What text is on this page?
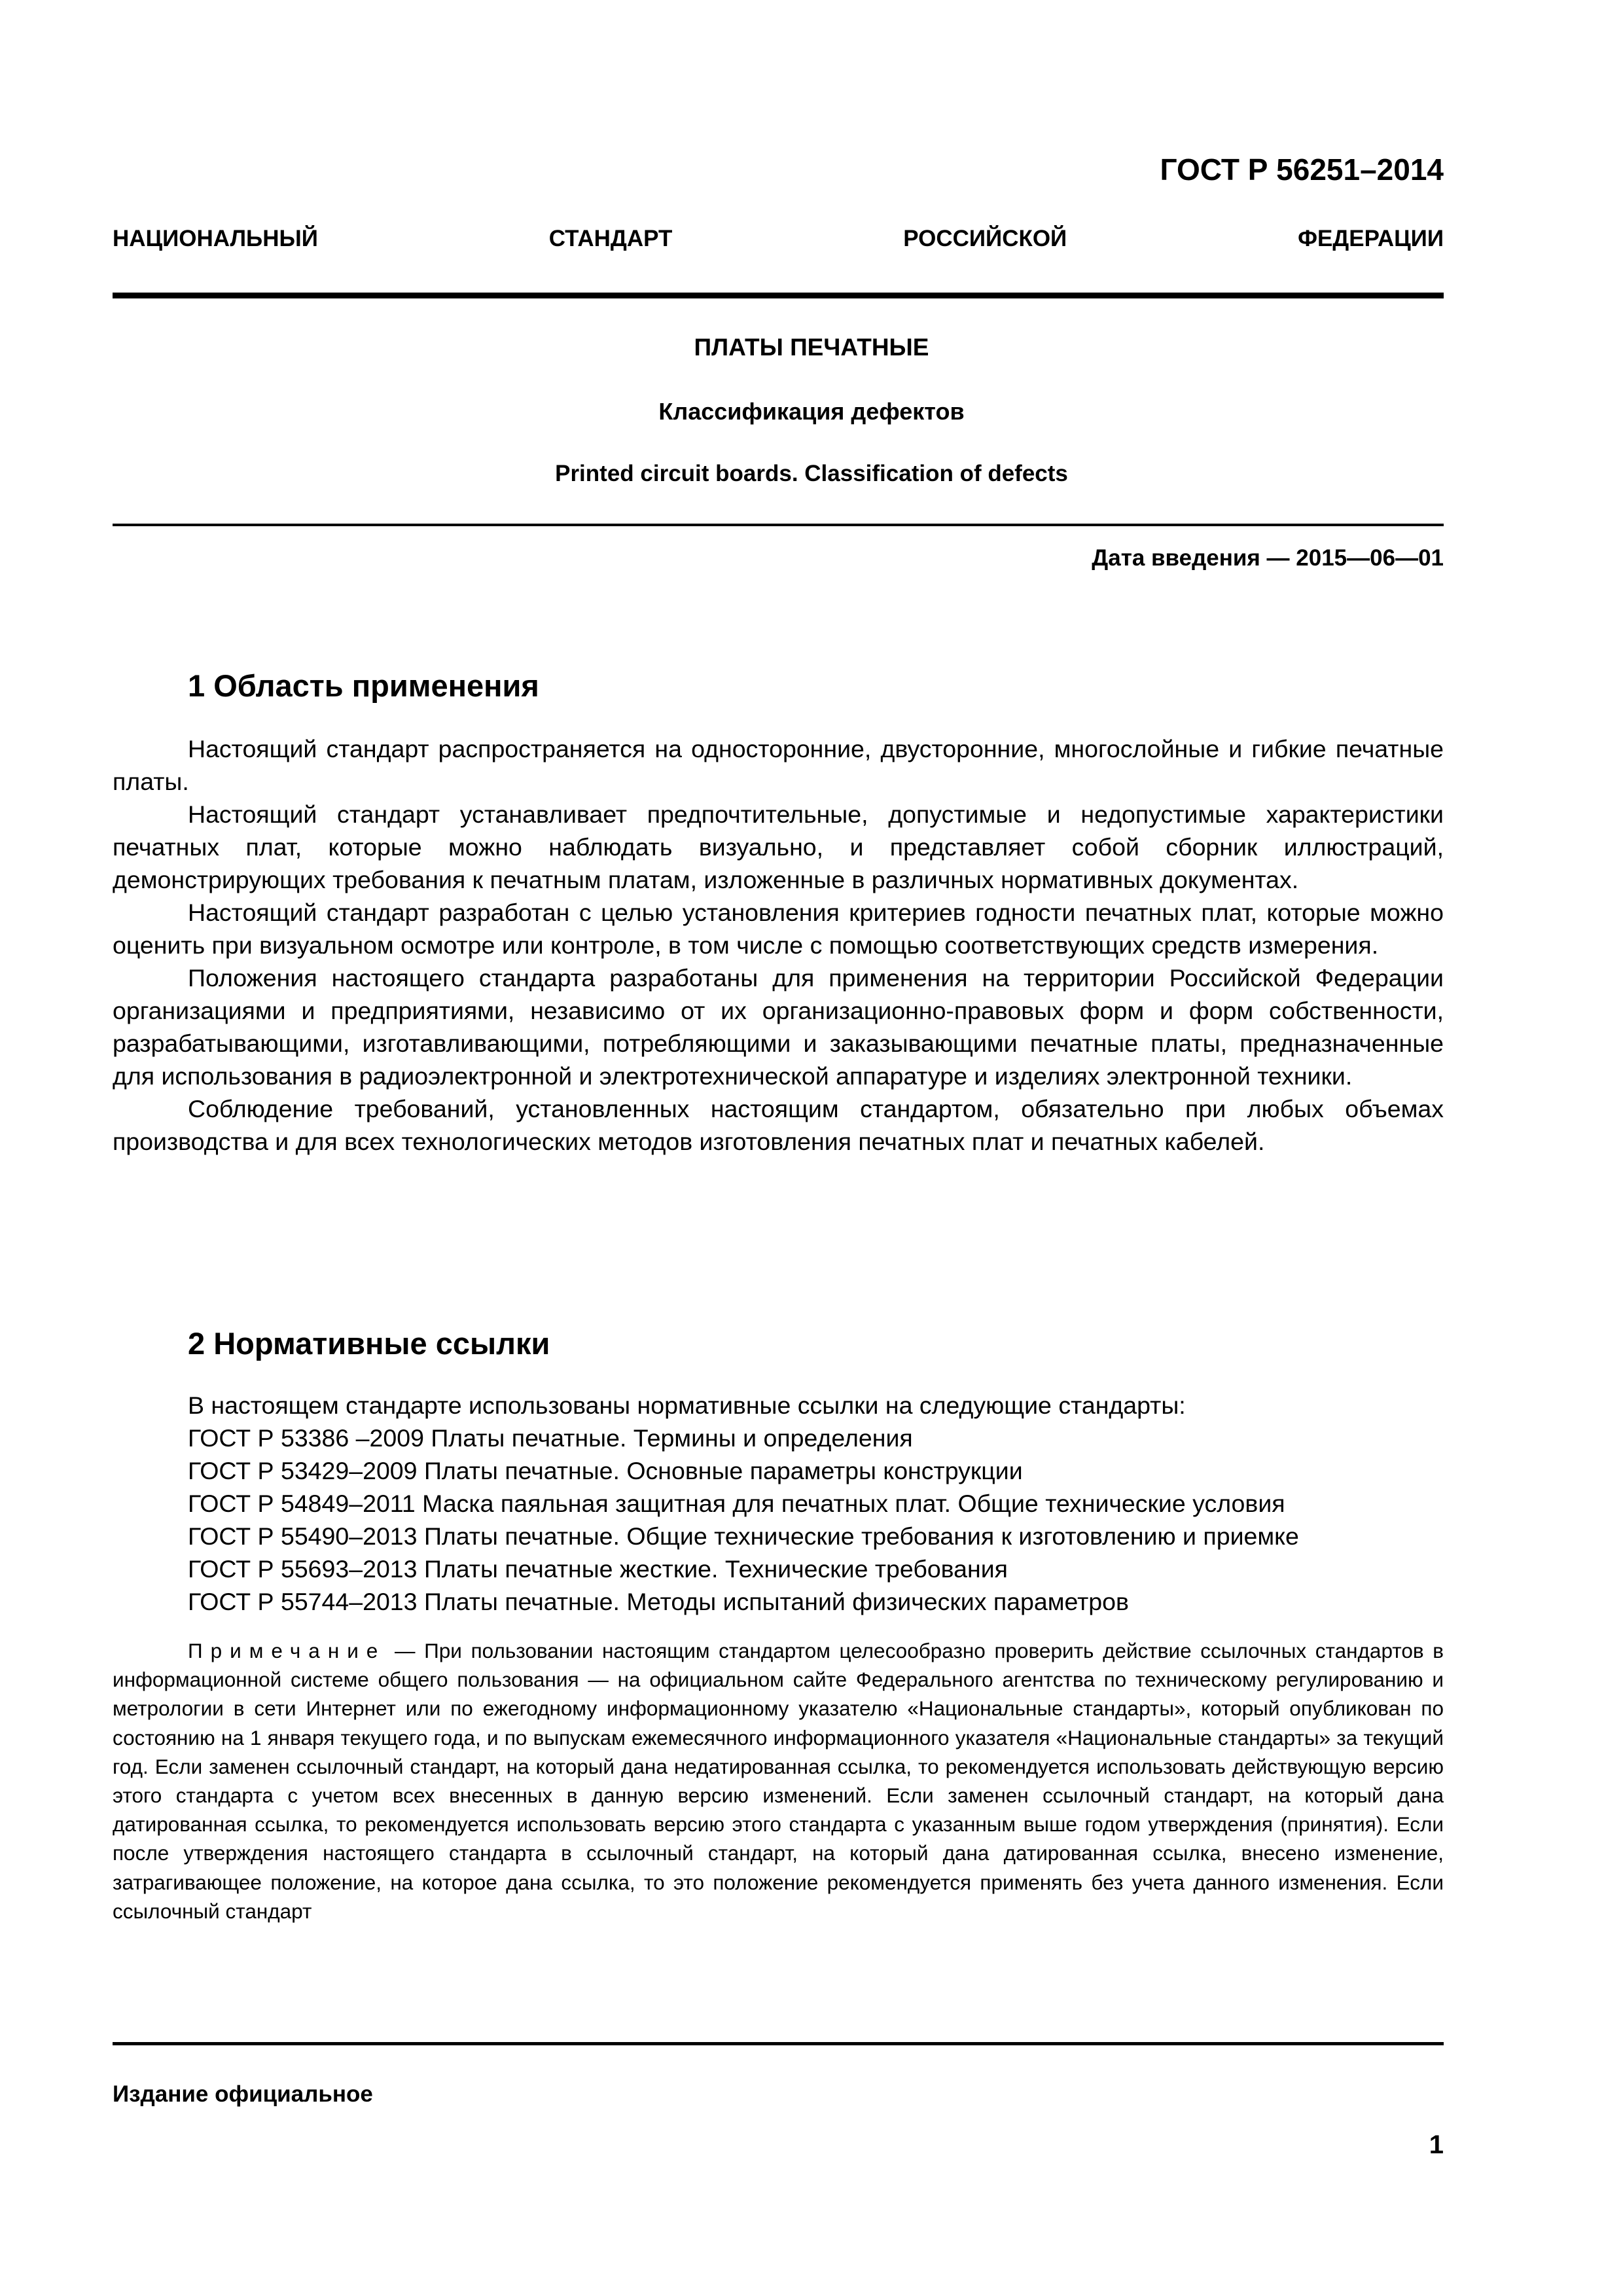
ГОСТ Р 56251–2014
НАЦИОНАЛЬНЫЙ СТАНДАРТ РОССИЙСКОЙ ФЕДЕРАЦИИ
ПЛАТЫ ПЕЧАТНЫЕ
Классификация дефектов
Printed circuit boards. Classification of defects
Дата введения — 2015—06—01
1 Область применения

Настоящий стандарт распространяется на односторонние, двусторонние, многослойные и гибкие печатные платы.

Настоящий стандарт устанавливает предпочтительные, допустимые и недопустимые характеристики печатных плат, которые можно наблюдать визуально, и представляет собой сборник иллюстраций, демонстрирующих требования к печатным платам, изложенные в различных нормативных документах.

Настоящий стандарт разработан с целью установления критериев годности печатных плат, которые можно оценить при визуальном осмотре или контроле, в том числе с помощью соответствующих средств измерения.

Положения настоящего стандарта разработаны для применения на территории Российской Федерации организациями и предприятиями, независимо от их организационно-правовых форм и форм собственности, разрабатывающими, изготавливающими, потребляющими и заказывающими печатные платы, предназначенные для использования в радиоэлектронной и электротехнической аппаратуре и изделиях электронной техники.

Соблюдение требований, установленных настоящим стандартом, обязательно при любых объемах производства и для всех технологических методов изготовления печатных плат и печатных кабелей.

2 Нормативные ссылки
В настоящем стандарте использованы нормативные ссылки на следующие стандарты:
ГОСТ Р 53386 –2009 Платы печатные. Термины и определения
ГОСТ Р 53429–2009 Платы печатные. Основные параметры конструкции
ГОСТ Р 54849–2011 Маска паяльная защитная для печатных плат. Общие технические условия
ГОСТ Р 55490–2013 Платы печатные. Общие технические требования к изготовлению и приемке
ГОСТ Р 55693–2013 Платы печатные жесткие. Технические требования
ГОСТ Р 55744–2013 Платы печатные. Методы испытаний физических параметров
Примечание — При пользовании настоящим стандартом целесообразно проверить действие ссылочных стандартов в информационной системе общего пользования — на официальном сайте Федерального агентства по техническому регулированию и метрологии в сети Интернет или по ежегодному информационному указателю «Национальные стандарты», который опубликован по состоянию на 1 января текущего года, и по выпускам ежемесячного информационного указателя «Национальные стандарты» за текущий год. Если заменен ссылочный стандарт, на который дана недатированная ссылка, то рекомендуется использовать действующую версию этого стандарта с учетом всех внесенных в данную версию изменений. Если заменен ссылочный стандарт, на который дана датированная ссылка, то рекомендуется использовать версию этого стандарта с указанным выше годом утверждения (принятия). Если после утверждения настоящего стандарта в ссылочный стандарт, на который дана датированная ссылка, внесено изменение, затрагивающее положение, на которое дана ссылка, то это положение рекомендуется применять без учета данного изменения. Если ссылочный стандарт
Издание официальное
1
